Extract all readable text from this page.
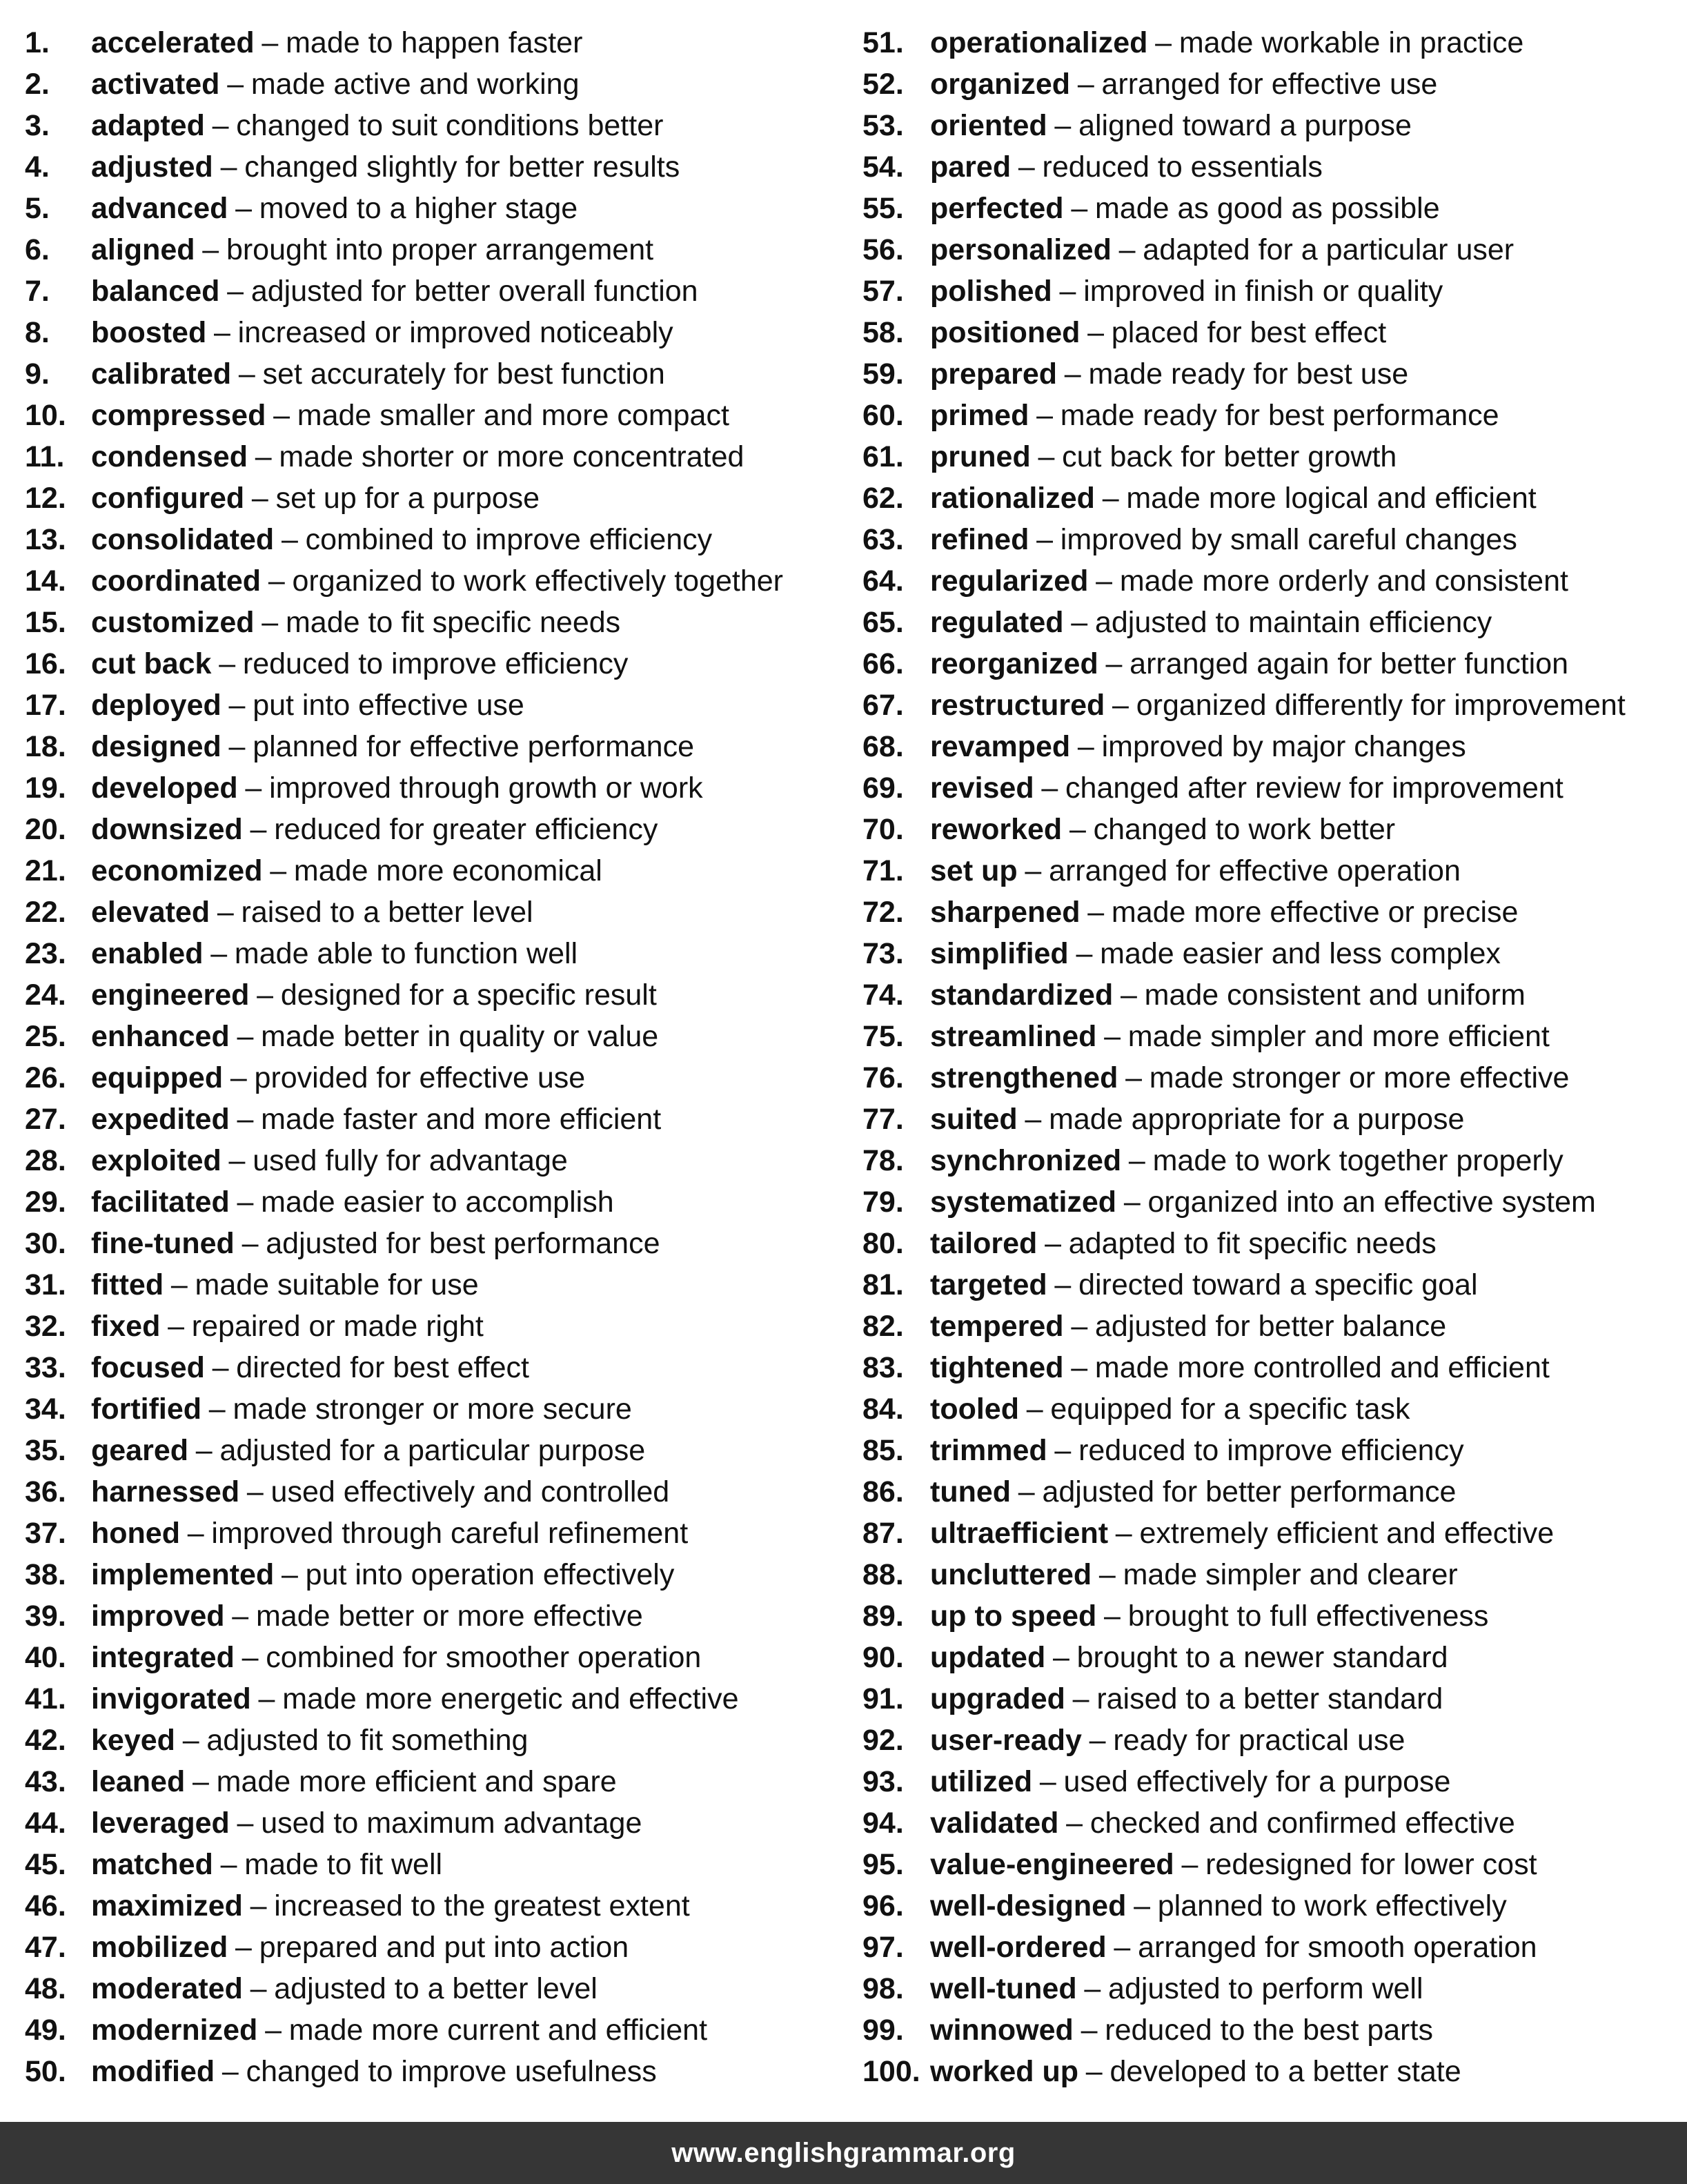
1.	accelerated – made to happen faster
2.	activated – made active and working
3.	adapted – changed to suit conditions better
4.	adjusted – changed slightly for better results
5.	advanced – moved to a higher stage
6.	aligned – brought into proper arrangement
7.	balanced – adjusted for better overall function
8.	boosted – increased or improved noticeably
9.	calibrated – set accurately for best function
10. compressed – made smaller and more compact
11. condensed – made shorter or more concentrated
12. configured – set up for a purpose
13. consolidated – combined to improve efficiency
14. coordinated – organized to work effectively together
15. customized – made to fit specific needs
16. cut back – reduced to improve efficiency
17. deployed – put into effective use
18. designed – planned for effective performance
19. developed – improved through growth or work
20. downsized – reduced for greater efficiency
21. economized – made more economical
22. elevated – raised to a better level
23. enabled – made able to function well
24. engineered – designed for a specific result
25. enhanced – made better in quality or value
26. equipped – provided for effective use
27. expedited – made faster and more efficient
28. exploited – used fully for advantage
29. facilitated – made easier to accomplish
30. fine-tuned – adjusted for best performance
31. fitted – made suitable for use
32. fixed – repaired or made right
33. focused – directed for best effect
34. fortified – made stronger or more secure
35. geared – adjusted for a particular purpose
36. harnessed – used effectively and controlled
37. honed – improved through careful refinement
38. implemented – put into operation effectively
39. improved – made better or more effective
40. integrated – combined for smoother operation
41. invigorated – made more energetic and effective
42. keyed – adjusted to fit something
43. leaned – made more efficient and spare
44. leveraged – used to maximum advantage
45. matched – made to fit well
46. maximized – increased to the greatest extent
47. mobilized – prepared and put into action
48. moderated – adjusted to a better level
49. modernized – made more current and efficient
50. modified – changed to improve usefulness
51. operationalized – made workable in practice
52. organized – arranged for effective use
53. oriented – aligned toward a purpose
54. pared – reduced to essentials
55. perfected – made as good as possible
56. personalized – adapted for a particular user
57. polished – improved in finish or quality
58. positioned – placed for best effect
59. prepared – made ready for best use
60. primed – made ready for best performance
61. pruned – cut back for better growth
62. rationalized – made more logical and efficient
63. refined – improved by small careful changes
64. regularized – made more orderly and consistent
65. regulated – adjusted to maintain efficiency
66. reorganized – arranged again for better function
67. restructured – organized differently for improvement
68. revamped – improved by major changes
69. revised – changed after review for improvement
70. reworked – changed to work better
71. set up – arranged for effective operation
72. sharpened – made more effective or precise
73. simplified – made easier and less complex
74. standardized – made consistent and uniform
75. streamlined – made simpler and more efficient
76. strengthened – made stronger or more effective
77. suited – made appropriate for a purpose
78. synchronized – made to work together properly
79. systematized – organized into an effective system
80. tailored – adapted to fit specific needs
81. targeted – directed toward a specific goal
82. tempered – adjusted for better balance
83. tightened – made more controlled and efficient
84. tooled – equipped for a specific task
85. trimmed – reduced to improve efficiency
86. tuned – adjusted for better performance
87. ultraefficient – extremely efficient and effective
88. uncluttered – made simpler and clearer
89. up to speed – brought to full effectiveness
90. updated – brought to a newer standard
91. upgraded – raised to a better standard
92. user-ready – ready for practical use
93. utilized – used effectively for a purpose
94. validated – checked and confirmed effective
95. value-engineered – redesigned for lower cost
96. well-designed – planned to work effectively
97. well-ordered – arranged for smooth operation
98. well-tuned – adjusted to perform well
99. winnowed – reduced to the best parts
100. worked up – developed to a better state
www.englishgrammar.org
